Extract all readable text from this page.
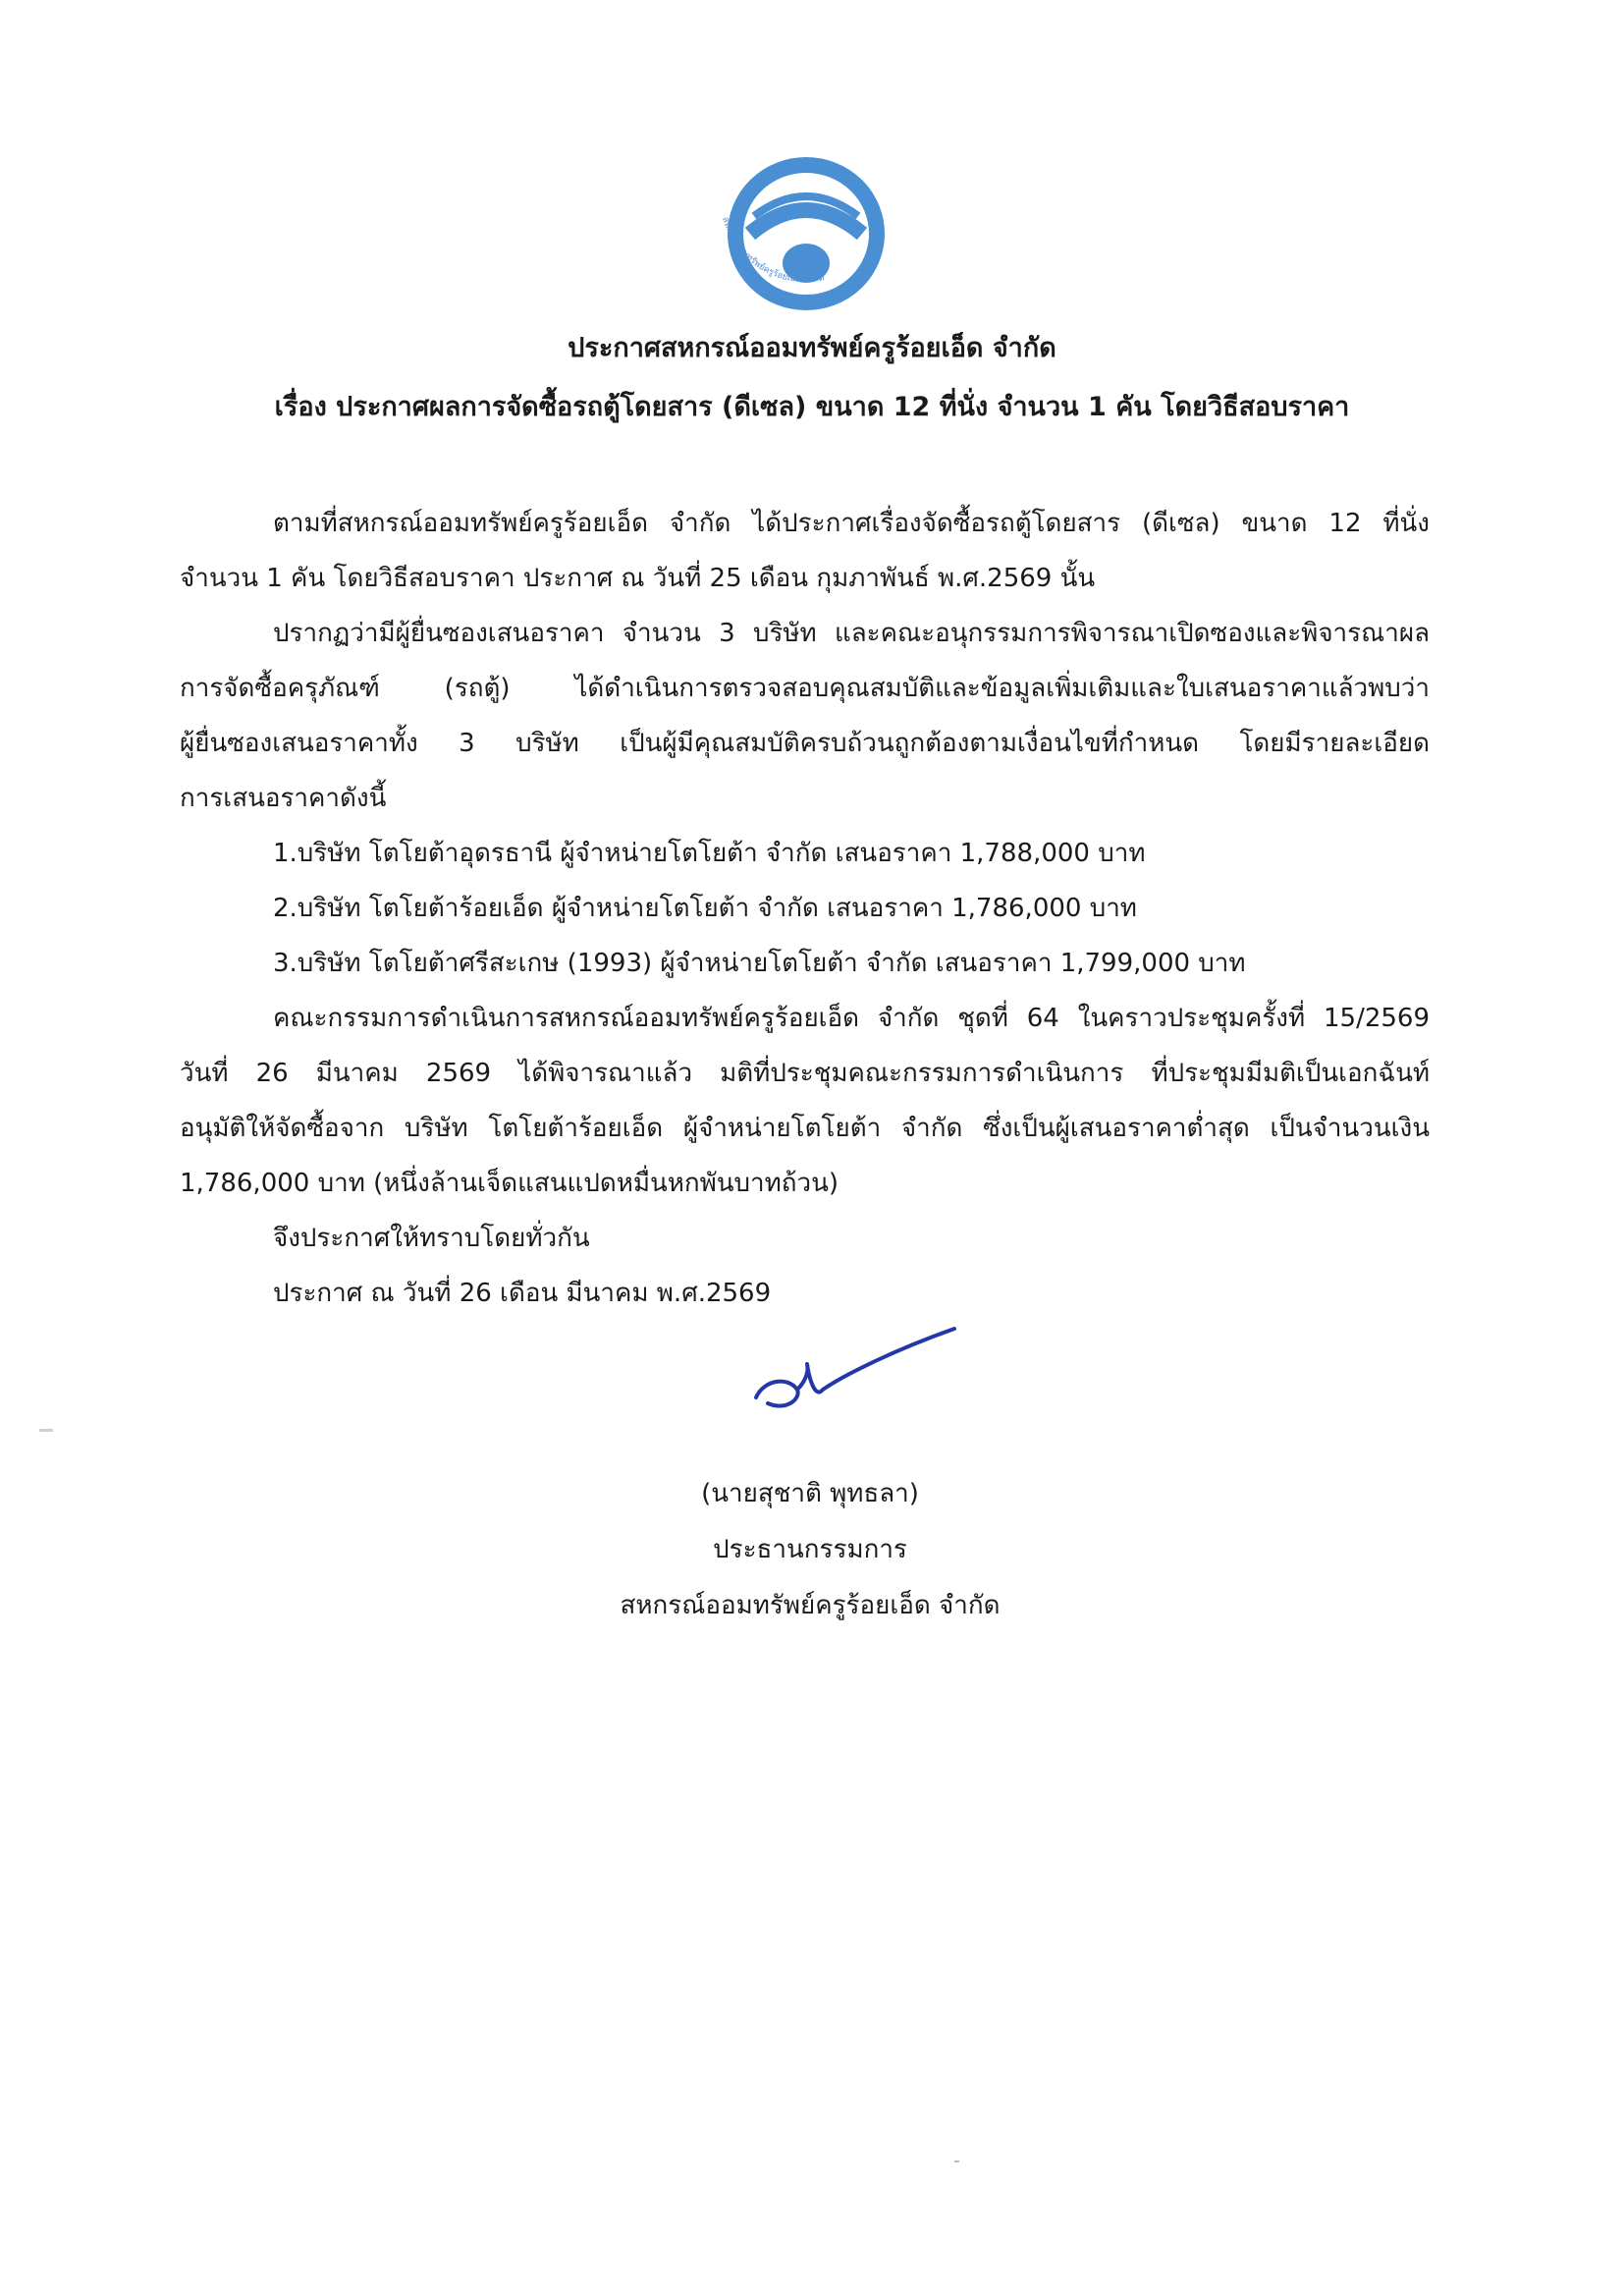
สหกรณ์ออมทรัพย์ครูร้อยเอ็ด จำกัด
ประกาศสหกรณ์ออมทรัพย์ครูร้อยเอ็ด จำกัด
เรื่อง ประกาศผลการจัดซื้อรถตู้โดยสาร (ดีเซล) ขนาด 12 ที่นั่ง จำนวน 1 คัน โดยวิธีสอบราคา
ตามที่สหกรณ์ออมทรัพย์ครูร้อยเอ็ด จำกัด ได้ประกาศเรื่องจัดซื้อรถตู้โดยสาร (ดีเซล) ขนาด 12 ที่นั่ง
จำนวน 1 คัน โดยวิธีสอบราคา ประกาศ ณ วันที่ 25 เดือน กุมภาพันธ์ พ.ศ.2569 นั้น
ปรากฏว่ามีผู้ยื่นซองเสนอราคา จำนวน 3 บริษัท และคณะอนุกรรมการพิจารณาเปิดซองและพิจารณาผล
การจัดซื้อครุภัณฑ์ (รถตู้) ได้ดำเนินการตรวจสอบคุณสมบัติและข้อมูลเพิ่มเติมและใบเสนอราคาแล้วพบว่า
ผู้ยื่นซองเสนอราคาทั้ง 3 บริษัท เป็นผู้มีคุณสมบัติครบถ้วนถูกต้องตามเงื่อนไขที่กำหนด โดยมีรายละเอียด
การเสนอราคาดังนี้
1.บริษัท โตโยต้าอุดรธานี ผู้จำหน่ายโตโยต้า จำกัด เสนอราคา 1,788,000 บาท
2.บริษัท โตโยต้าร้อยเอ็ด ผู้จำหน่ายโตโยต้า จำกัด เสนอราคา 1,786,000 บาท
3.บริษัท โตโยต้าศรีสะเกษ (1993) ผู้จำหน่ายโตโยต้า จำกัด เสนอราคา 1,799,000 บาท
คณะกรรมการดำเนินการสหกรณ์ออมทรัพย์ครูร้อยเอ็ด จำกัด ชุดที่ 64 ในคราวประชุมครั้งที่ 15/2569
วันที่ 26 มีนาคม 2569 ได้พิจารณาแล้ว มติที่ประชุมคณะกรรมการดำเนินการ ที่ประชุมมีมติเป็นเอกฉันท์
อนุมัติให้จัดซื้อจาก บริษัท โตโยต้าร้อยเอ็ด ผู้จำหน่ายโตโยต้า จำกัด ซึ่งเป็นผู้เสนอราคาต่ำสุด เป็นจำนวนเงิน
1,786,000 บาท (หนึ่งล้านเจ็ดแสนแปดหมื่นหกพันบาทถ้วน)
จึงประกาศให้ทราบโดยทั่วกัน
ประกาศ ณ วันที่ 26 เดือน มีนาคม พ.ศ.2569
(นายสุชาติ พุทธลา)
ประธานกรรมการ
สหกรณ์ออมทรัพย์ครูร้อยเอ็ด จำกัด
